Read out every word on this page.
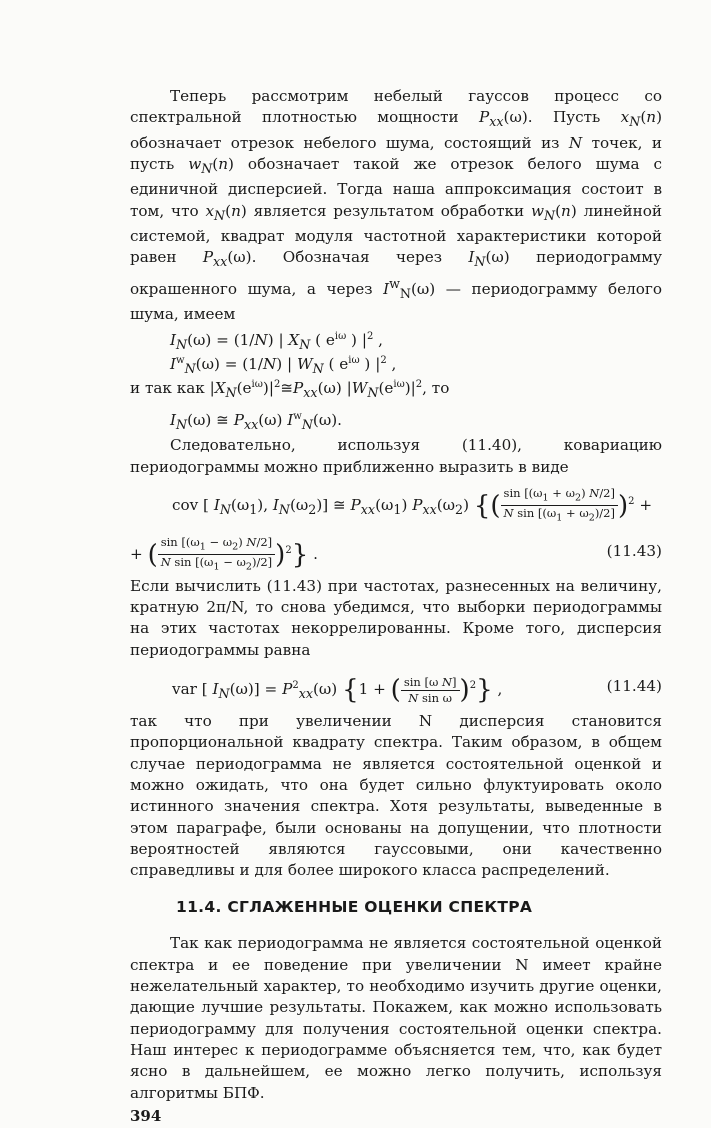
Теперь рассмотрим небелый гауссов процесс со спектральной плотностью мощности $P_{xx}(\omega)$. Пусть $x_N(n)$ обозначает отрезок небелого шума, состоящий из N точек, и пусть $w_N(n)$ обозначает такой же отрезок белого шума с единичной дисперсией. Тогда наша аппроксимация состоит в том, что $x_N(n)$ является результатом обработки $w_N(n)$ линейной системой, квадрат модуля частотной характеристики которой равен $P_{xx}(\omega)$. Обозначая через $I_N(\omega)$ периодограмму окрашенного шума, а через $I^w_N(\omega)$ — периодограмму белого шума, имеем

$I_N(\omega) = (1/N)$ | $X_N$ ( $e^{i\omega}$ ) $|^2$ ,
$I^w_N(\omega) = (1/N)$ | $W_N$ ( $e^{i\omega}$ ) $|^2$ ,
и так как $|X_N(e^{i\omega})|^2≅P_{xx}(\omega)$ $|W_N(e^{i\omega})|^2$, то
$I_N(\omega)$ ≅ $P_{xx}(\omega)$ $I^w_N(\omega)$.

Следовательно, используя (11.40), ковариацию периодограммы можно приближенно выразить в виде

cov [ $I_N(\omega_1)$, $I_N(\omega_2)$] ≅ $P_{xx}(\omega_1)$ $P_{xx}(\omega_2)$ {( $\frac{\sin [(\omega_1 + \omega_2) N/2]}{N \sin [(\omega_1 + \omega_2)/2]} )^2$ +
+ ( $\frac{\sin [(\omega_1 - \omega_2) N/2]}{N \sin [(\omega_1 - \omega_2)/2]} )^2$} .	(11.43)

Если вычислить (11.43) при частотах, разнесенных на величину, кратную 2π/N, то снова убедимся, что выборки периодограммы на этих частотах некоррелированны. Кроме того, дисперсия периодограммы равна

var [ $I_N(\omega)] = P^2_{xx}(\omega) \{1$ + ( $\frac{\text{sin [ω N]}}{\text{N sin ω}} )^2$} ,	(11.44)

так что при увеличении N дисперсия становится пропорциональной квадрату спектра. Таким образом, в общем случае периодограмма не является состоятельной оценкой и можно ожидать, что она будет сильно флуктуировать около истинного значения спектра. Хотя результаты, выведенные в этом параграфе, были основаны на допущении, что плотности вероятностей являются гауссовыми, они качественно справедливы и для более широкого класса распределений.

11.4. СГЛАЖЕННЫЕ ОЦЕНКИ СПЕКТРА

Так как периодограмма не является состоятельной оценкой спектра и ее поведение при увеличении N имеет крайне нежелательный характер, то необходимо изучить другие оценки, дающие лучшие результаты. Покажем, как можно использовать периодограмму для получения состоятельной оценки спектра. Наш интерес к периодограмме объясняется тем, что, как будет ясно в дальнейшем, ее можно легко получить, используя алгоритмы БПФ.

394
